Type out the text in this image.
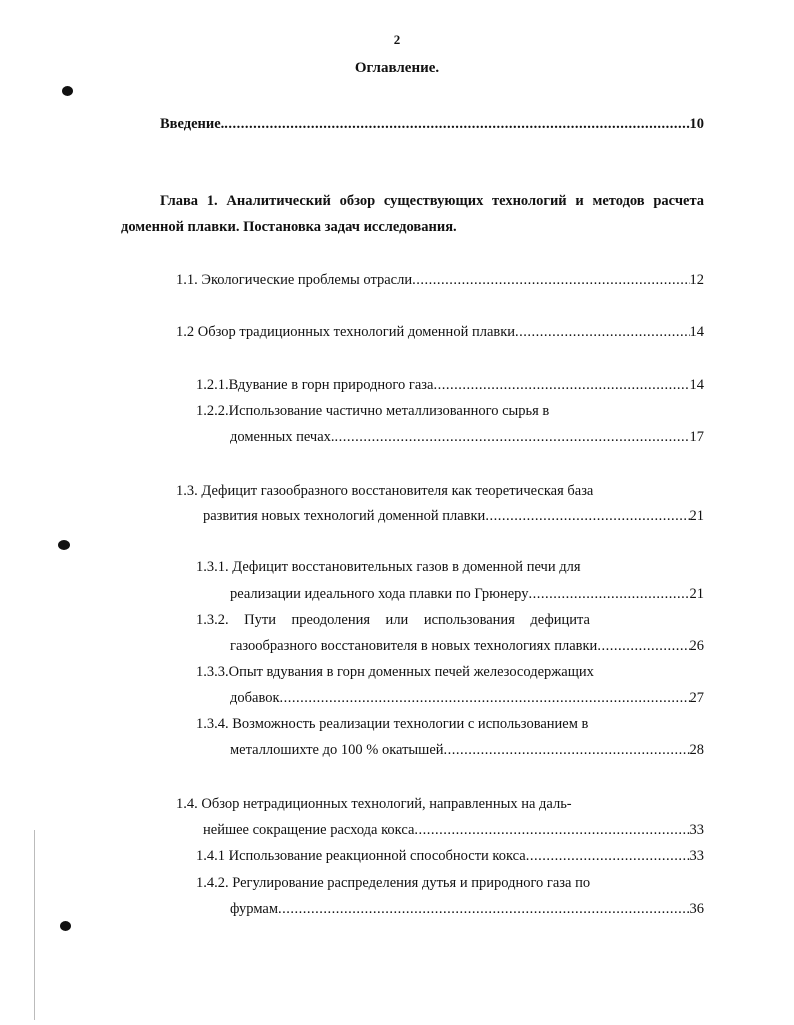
2
Оглавление.
Введение. .....	10
Глава 1. Аналитический обзор существующих технологий и методов расчета
доменной плавки. Постановка задач исследования.
1.1. Экологические проблемы отрасли .....	12
1.2 Обзор традиционных технологий доменной плавки .....	14
1.2.1.Вдувание в горн природного газа .....	14
1.2.2.Использование частично металлизованного сырья в
доменных печах. .....	17
1.3. Дефицит газообразного восстановителя как теоретическая база
развития новых технологий доменной плавки .....	21
1.3.1. Дефицит восстановительных газов в доменной печи для
реализации идеального хода плавки по Грюнеру .....	21
1.3.2. Пути преодоления или использования дефицита
газообразного восстановителя в новых технологиях плавки .....	26
1.3.3.Опыт вдувания в горн доменных печей железосодержащих
добавок .....	27
1.3.4. Возможность реализации технологии с использованием в
металлошихте до 100 % окатышей .....	28
1.4. Обзор нетрадиционных технологий, направленных на даль-
нейшее сокращение расхода кокса .....	33
1.4.1 Использование реакционной способности кокса .....	33
1.4.2. Регулирование распределения дутья и природного газа по
фурмам .....	36
